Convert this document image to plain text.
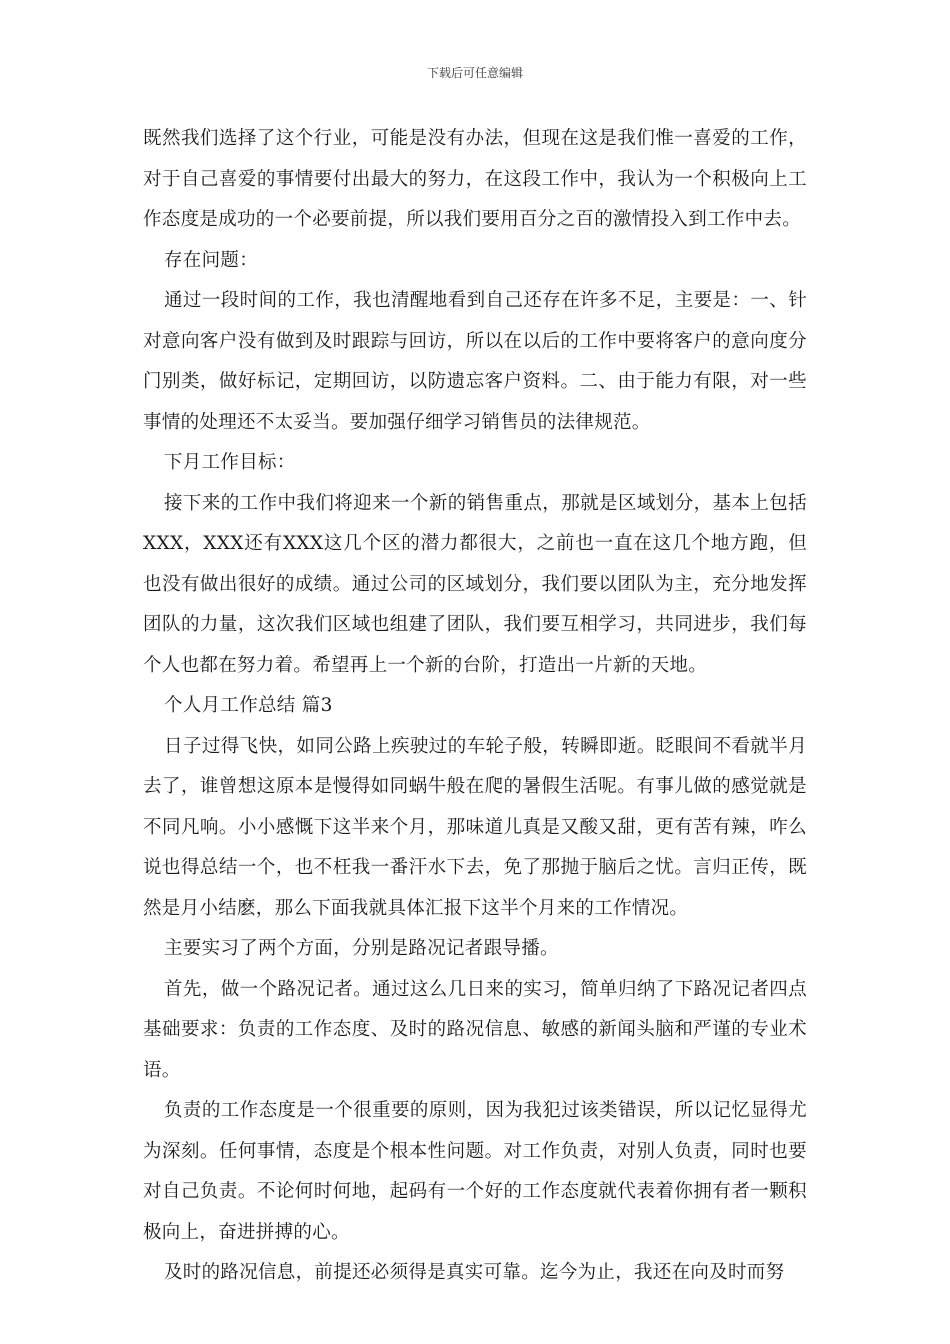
下载后可任意编辑

既然我们选择了这个行业，可能是没有办法，但现在这是我们惟一喜爱的工作，对于自己喜爱的事情要付出最大的努力，在这段工作中，我认为一个积极向上工作态度是成功的一个必要前提，所以我们要用百分之百的激情投入到工作中去。

存在问题：

通过一段时间的工作，我也清醒地看到自己还存在许多不足，主要是：一、针对意向客户没有做到及时跟踪与回访，所以在以后的工作中要将客户的意向度分门别类，做好标记，定期回访，以防遗忘客户资料。二、由于能力有限，对一些事情的处理还不太妥当。要加强仔细学习销售员的法律规范。

下月工作目标：

接下来的工作中我们将迎来一个新的销售重点，那就是区域划分，基本上包括XXX，XXX还有XXX这几个区的潜力都很大，之前也一直在这几个地方跑，但也没有做出很好的成绩。通过公司的区域划分，我们要以团队为主，充分地发挥团队的力量，这次我们区域也组建了团队，我们要互相学习，共同进步，我们每个人也都在努力着。希望再上一个新的台阶，打造出一片新的天地。

个人月工作总结 篇3

日子过得飞快，如同公路上疾驶过的车轮子般，转瞬即逝。眨眼间不看就半月去了，谁曾想这原本是慢得如同蜗牛般在爬的暑假生活呢。有事儿做的感觉就是不同凡响。小小感慨下这半来个月，那味道儿真是又酸又甜，更有苦有辣，咋么说也得总结一个，也不枉我一番汗水下去，免了那抛于脑后之忧。言归正传，既然是月小结麽，那么下面我就具体汇报下这半个月来的工作情况。

主要实习了两个方面，分别是路况记者跟导播。

首先，做一个路况记者。通过这么几日来的实习，简单归纳了下路况记者四点基础要求：负责的工作态度、及时的路况信息、敏感的新闻头脑和严谨的专业术语。

负责的工作态度是一个很重要的原则，因为我犯过该类错误，所以记忆显得尤为深刻。任何事情，态度是个根本性问题。对工作负责，对别人负责，同时也要对自己负责。不论何时何地，起码有一个好的工作态度就代表着你拥有者一颗积极向上，奋进拼搏的心。

及时的路况信息，前提还必须得是真实可靠。迄今为止，我还在向及时而努
